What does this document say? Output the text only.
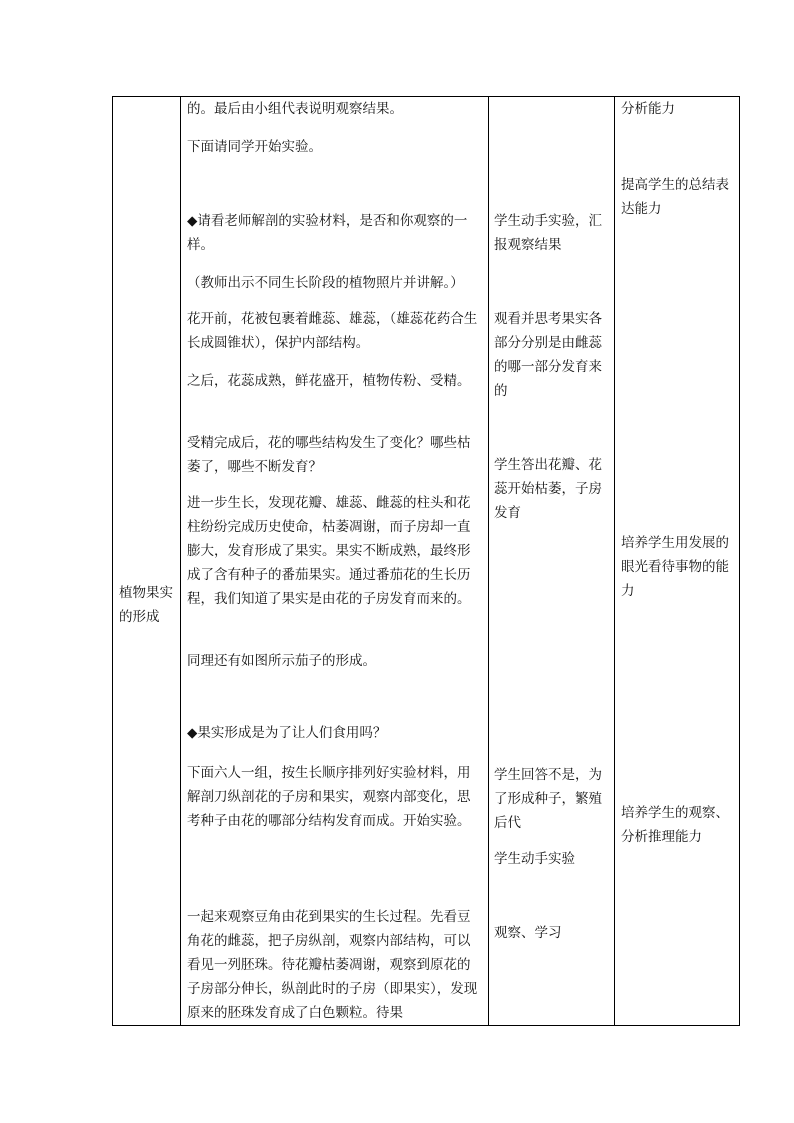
植物果实的形成

的。最后由小组代表说明观察结果。

下面请同学开始实验。

◆请看老师解剖的实验材料，是否和你观察的一样。

（教师出示不同生长阶段的植物照片并讲解。）

花开前，花被包裹着雌蕊、雄蕊，（雄蕊花药合生长成圆锥状），保护内部结构。

之后，花蕊成熟，鲜花盛开，植物传粉、受精。

受精完成后，花的哪些结构发生了变化？哪些枯萎了，哪些不断发育？

进一步生长，发现花瓣、雄蕊、雌蕊的柱头和花柱纷纷完成历史使命，枯萎凋谢，而子房却一直膨大，发育形成了果实。果实不断成熟，最终形成了含有种子的番茄果实。通过番茄花的生长历程，我们知道了果实是由花的子房发育而来的。

同理还有如图所示茄子的形成。

◆果实形成是为了让人们食用吗？

下面六人一组，按生长顺序排列好实验材料，用解剖刀纵剖花的子房和果实，观察内部变化，思考种子由花的哪部分结构发育而成。开始实验。

一起来观察豆角由花到果实的生长过程。先看豆角花的雌蕊，把子房纵剖，观察内部结构，可以看见一列胚珠。待花瓣枯萎凋谢，观察到原花的子房部分伸长，纵剖此时的子房（即果实），发现原来的胚珠发育成了白色颗粒。待果

学生动手实验，汇报观察结果

观看并思考果实各部分分别是由雌蕊的哪一部分发育来的

学生答出花瓣、花蕊开始枯萎，子房发育

学生回答不是，为了形成种子，繁殖后代

学生动手实验

观察、学习

分析能力

提高学生的总结表达能力

培养学生用发展的眼光看待事物的能力

培养学生的观察、分析推理能力
